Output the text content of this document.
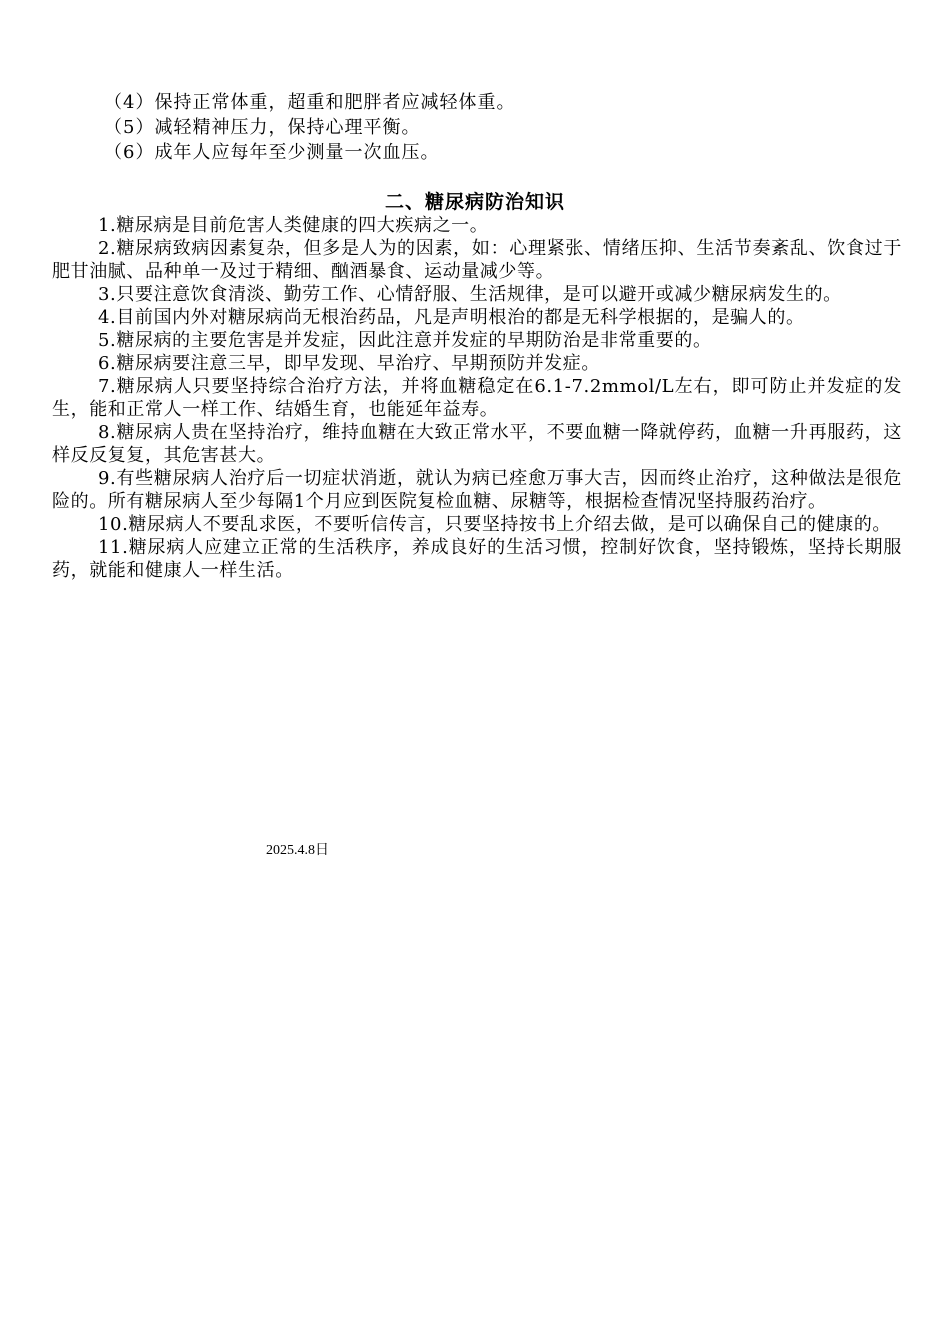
（4）保持正常体重，超重和肥胖者应减轻体重。
（5）减轻精神压力，保持心理平衡。
（6）成年人应每年至少测量一次血压。
二、糖尿病防治知识

1.糖尿病是目前危害人类健康的四大疾病之一。

2.糖尿病致病因素复杂，但多是人为的因素，如：心理紧张、情绪压抑、生活节奏紊乱、饮食过于肥甘油腻、品种单一及过于精细、酗酒暴食、运动量减少等。

3.只要注意饮食清淡、勤劳工作、心情舒服、生活规律，是可以避开或减少糖尿病发生的。

4.目前国内外对糖尿病尚无根治药品，凡是声明根治的都是无科学根据的，是骗人的。

5.糖尿病的主要危害是并发症，因此注意并发症的早期防治是非常重要的。

6.糖尿病要注意三早，即早发现、早治疗、早期预防并发症。

7.糖尿病人只要坚持综合治疗方法，并将血糖稳定在6.1-7.2mmol/L左右，即可防止并发症的发生，能和正常人一样工作、结婚生育，也能延年益寿。

8.糖尿病人贵在坚持治疗，维持血糖在大致正常水平，不要血糖一降就停药，血糖一升再服药，这样反反复复，其危害甚大。

9.有些糖尿病人治疗后一切症状消逝，就认为病已痊愈万事大吉，因而终止治疗，这种做法是很危险的。所有糖尿病人至少每隔1个月应到医院复检血糖、尿糖等，根据检查情况坚持服药治疗。

10.糖尿病人不要乱求医，不要听信传言，只要坚持按书上介绍去做，是可以确保自己的健康的。

11.糖尿病人应建立正常的生活秩序，养成良好的生活习惯，控制好饮食，坚持锻炼，坚持长期服药，就能和健康人一样生活。

2025.4.8日
